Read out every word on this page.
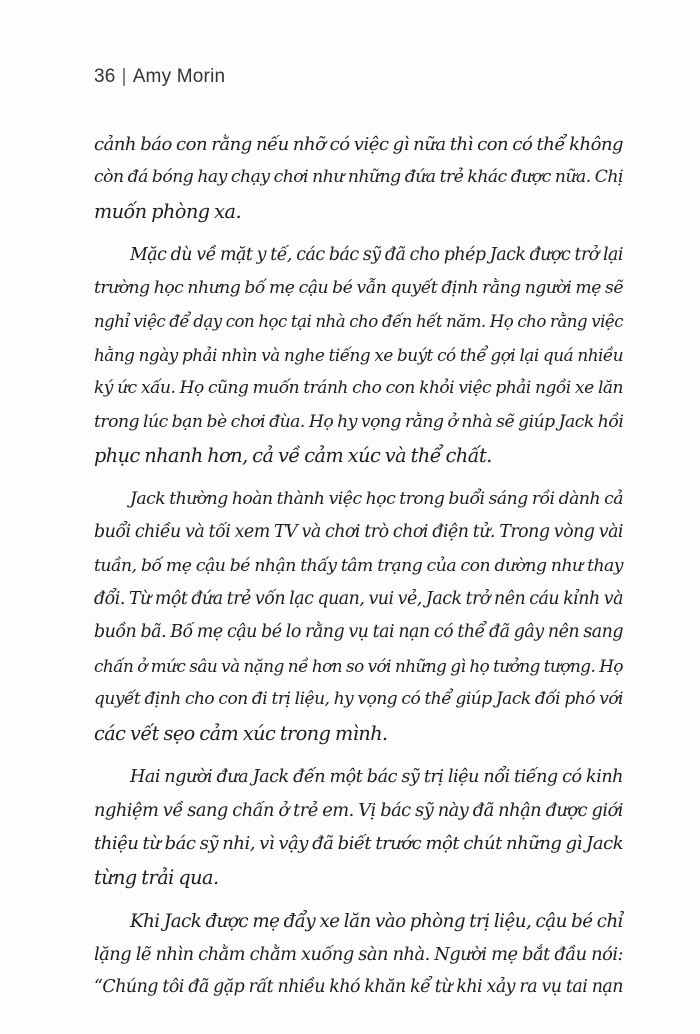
36 | Amy Morin
cảnh báo con rằng nếu nhỡ có việc gì nữa thì con có thể không
còn đá bóng hay chạy chơi như những đứa trẻ khác được nữa. Chị
muốn phòng xa.
Mặc dù về mặt y tế, các bác sỹ đã cho phép Jack được trở lại
trường học nhưng bố mẹ cậu bé vẫn quyết định rằng người mẹ sẽ
nghỉ việc để dạy con học tại nhà cho đến hết năm. Họ cho rằng việc
hằng ngày phải nhìn và nghe tiếng xe buýt có thể gợi lại quá nhiều
ký ức xấu. Họ cũng muốn tránh cho con khỏi việc phải ngồi xe lăn
trong lúc bạn bè chơi đùa. Họ hy vọng rằng ở nhà sẽ giúp Jack hồi
phục nhanh hơn, cả về cảm xúc và thể chất.
Jack thường hoàn thành việc học trong buổi sáng rồi dành cả
buổi chiều và tối xem TV và chơi trò chơi điện tử. Trong vòng vài
tuần, bố mẹ cậu bé nhận thấy tâm trạng của con dường như thay
đổi. Từ một đứa trẻ vốn lạc quan, vui vẻ, Jack trở nên cáu kỉnh và
buồn bã. Bố mẹ cậu bé lo rằng vụ tai nạn có thể đã gây nên sang
chấn ở mức sâu và nặng nề hơn so với những gì họ tưởng tượng. Họ
quyết định cho con đi trị liệu, hy vọng có thể giúp Jack đối phó với
các vết sẹo cảm xúc trong mình.
Hai người đưa Jack đến một bác sỹ trị liệu nổi tiếng có kinh
nghiệm về sang chấn ở trẻ em. Vị bác sỹ này đã nhận được giới
thiệu từ bác sỹ nhi, vì vậy đã biết trước một chút những gì Jack
từng trải qua.
Khi Jack được mẹ đẩy xe lăn vào phòng trị liệu, cậu bé chỉ
lặng lẽ nhìn chằm chằm xuống sàn nhà. Người mẹ bắt đầu nói:
“Chúng tôi đã gặp rất nhiều khó khăn kể từ khi xảy ra vụ tai nạn
